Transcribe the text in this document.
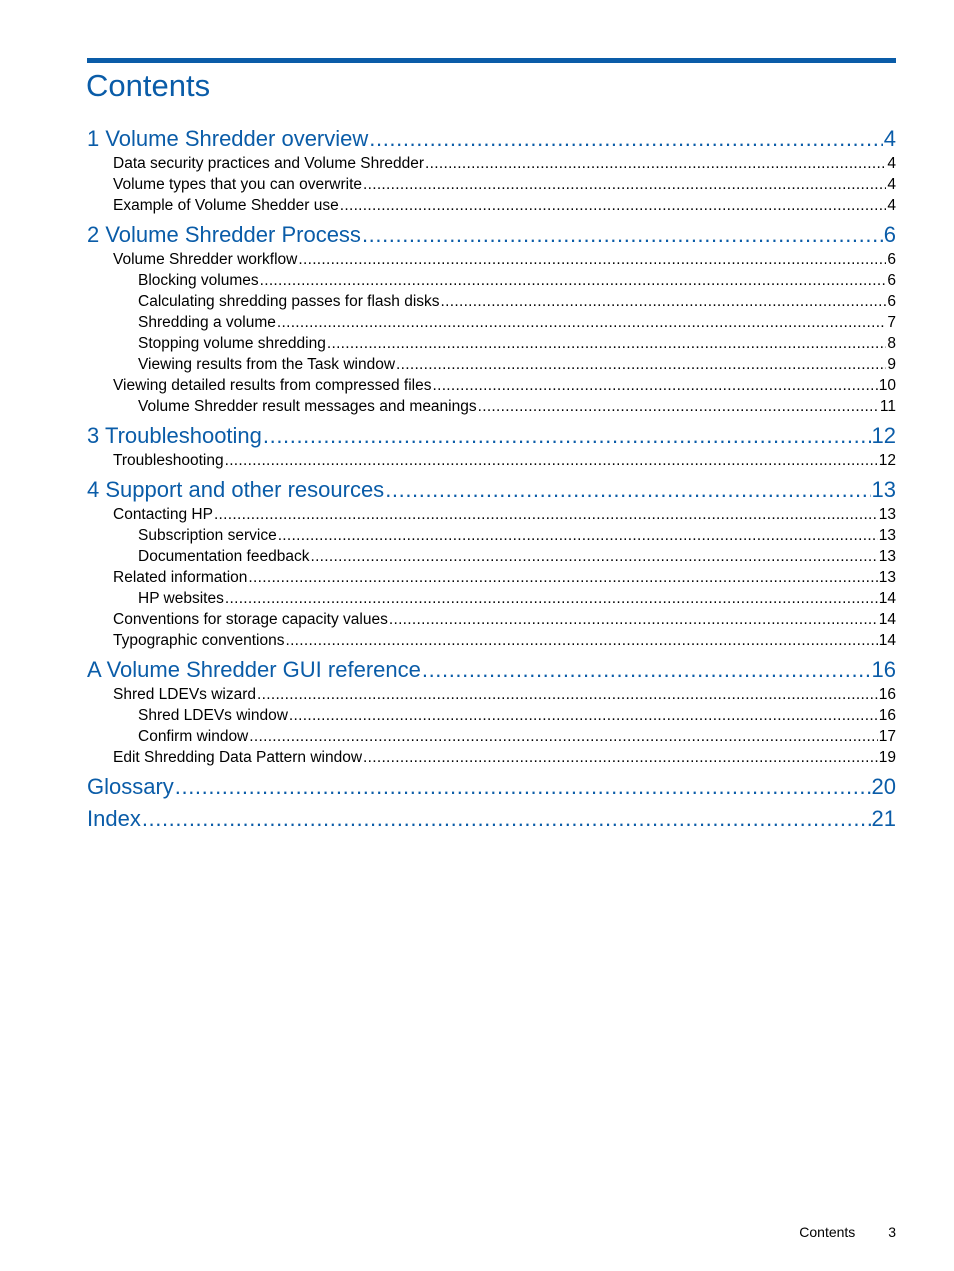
Contents
1 Volume Shredder overview .....	4
Data security practices and Volume Shredder .....	4
Volume types that you can overwrite .....	4
Example of Volume Shedder use .....	4
2 Volume Shredder Process .....	6
Volume Shredder workflow .....	6
Blocking volumes .....	6
Calculating shredding passes for flash disks .....	6
Shredding a volume .....	7
Stopping volume shredding .....	8
Viewing results from the Task window .....	9
Viewing detailed results from compressed files .....	10
Volume Shredder result messages and meanings .....	11
3 Troubleshooting .....	12
Troubleshooting .....	12
4 Support and other resources .....	13
Contacting HP .....	13
Subscription service .....	13
Documentation feedback .....	13
Related information .....	13
HP websites .....	14
Conventions for storage capacity values .....	14
Typographic conventions .....	14
A Volume Shredder GUI reference .....	16
Shred LDEVs wizard .....	16
Shred LDEVs window .....	16
Confirm window .....	17
Edit Shredding Data Pattern window .....	19
Glossary .....	20
Index .....	21
Contents 3
